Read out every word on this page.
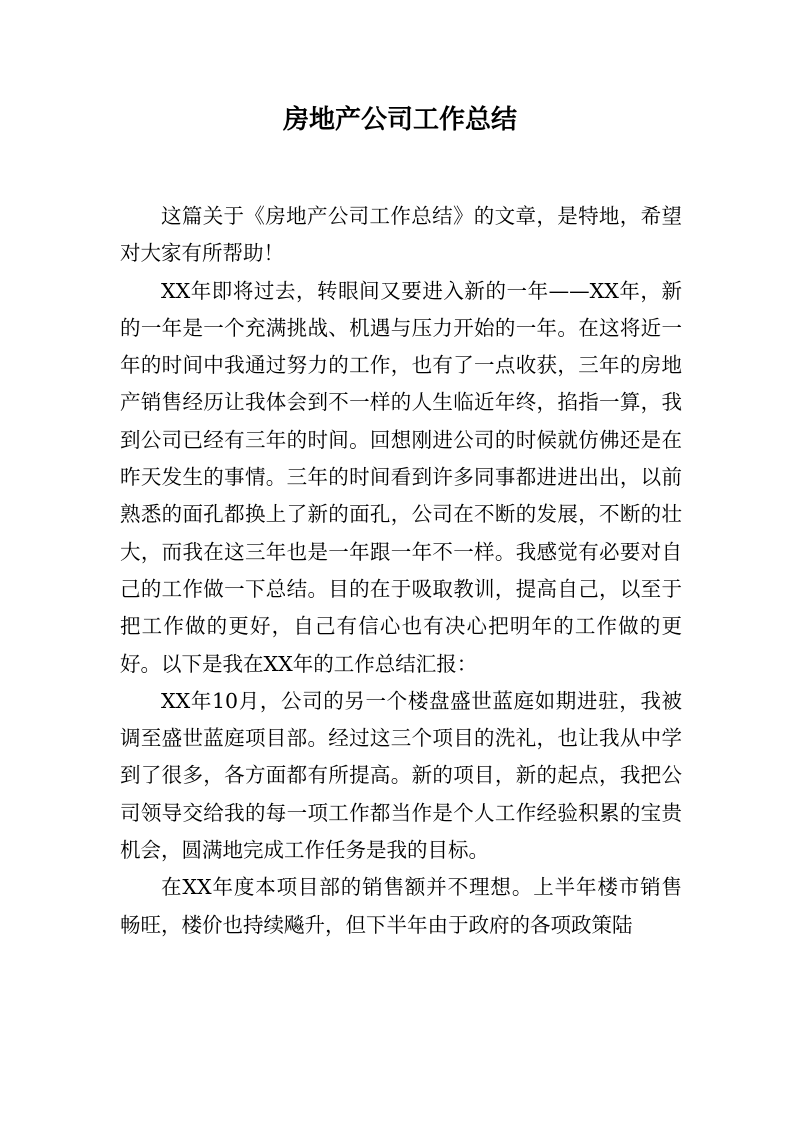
房地产公司工作总结

这篇关于《房地产公司工作总结》的文章，是特地，希望对大家有所帮助！

XX年即将过去，转眼间又要进入新的一年——XX年，新的一年是一个充满挑战、机遇与压力开始的一年。在这将近一年的时间中我通过努力的工作，也有了一点收获，三年的房地产销售经历让我体会到不一样的人生临近年终，掐指一算，我到公司已经有三年的时间。回想刚进公司的时候就仿佛还是在昨天发生的事情。三年的时间看到许多同事都进进出出，以前熟悉的面孔都换上了新的面孔，公司在不断的发展，不断的壮大，而我在这三年也是一年跟一年不一样。我感觉有必要对自己的工作做一下总结。目的在于吸取教训，提高自己，以至于把工作做的更好，自己有信心也有决心把明年的工作做的更好。以下是我在XX年的工作总结汇报：

XX年10月，公司的另一个楼盘盛世蓝庭如期进驻，我被调至盛世蓝庭项目部。经过这三个项目的洗礼，也让我从中学到了很多，各方面都有所提高。新的项目，新的起点，我把公司领导交给我的每一项工作都当作是个人工作经验积累的宝贵机会，圆满地完成工作任务是我的目标。

在XX年度本项目部的销售额并不理想。上半年楼市销售畅旺，楼价也持续飚升，但下半年由于政府的各项政策陆
